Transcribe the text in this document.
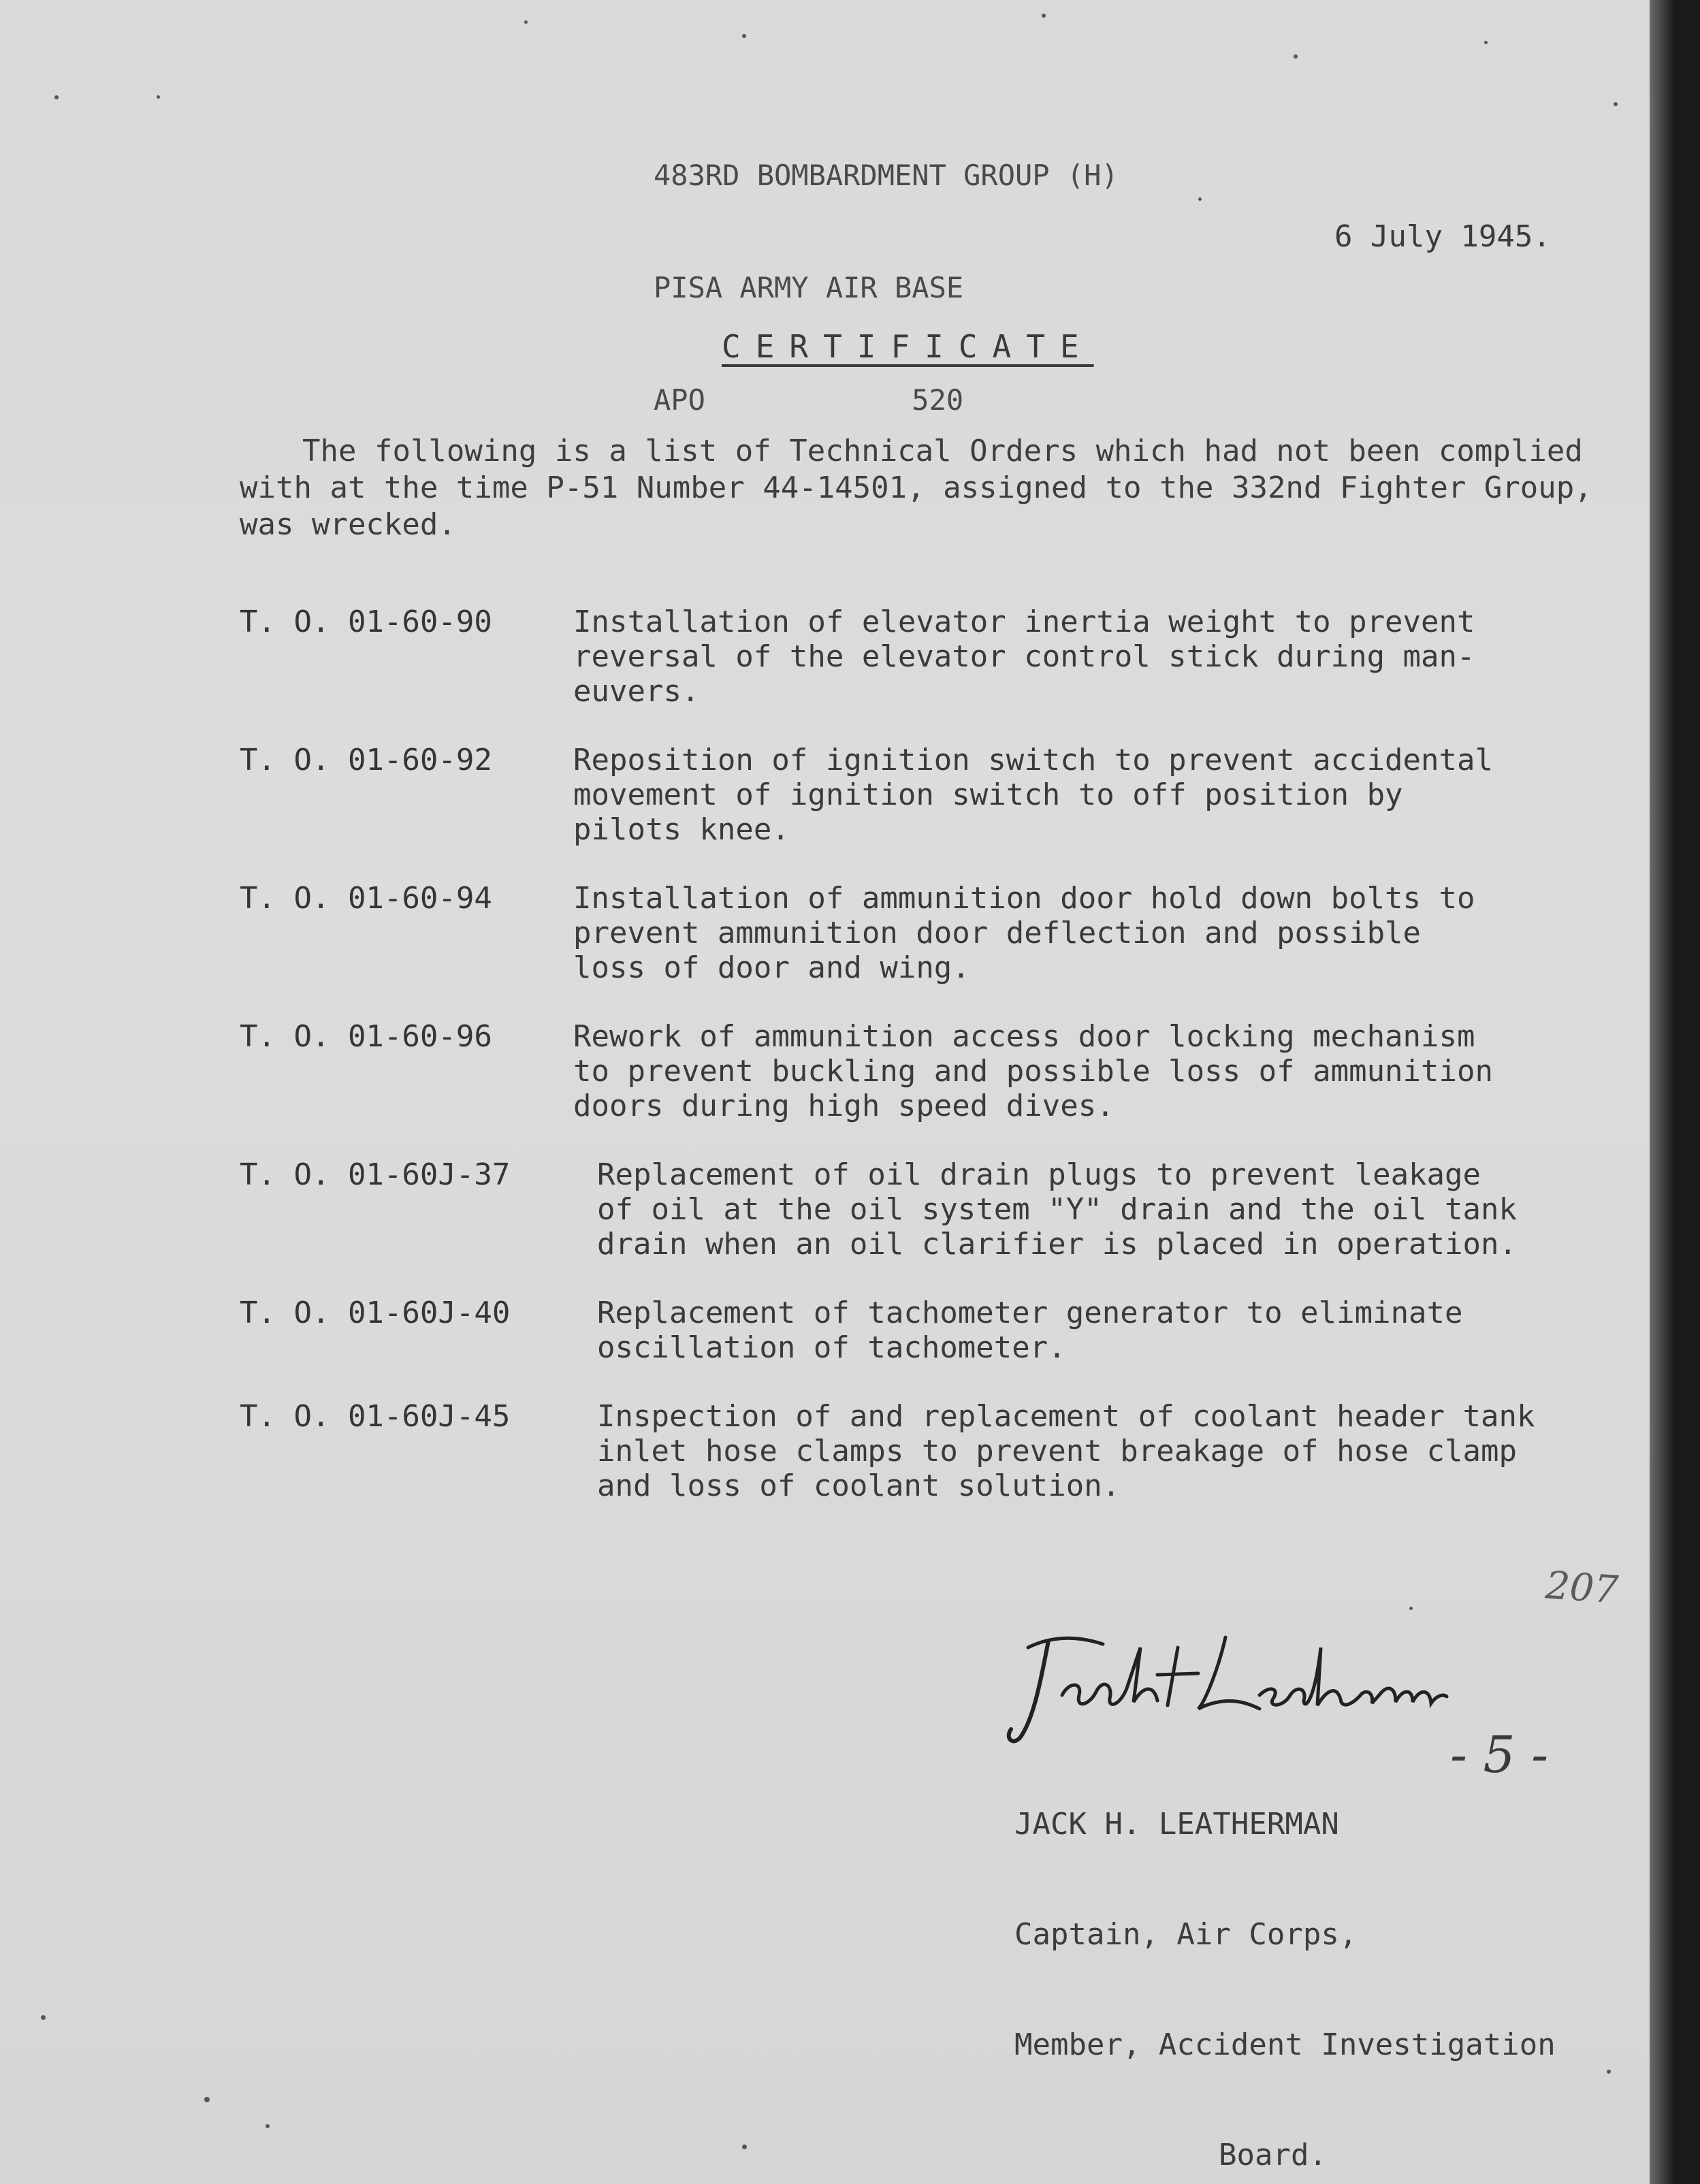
483RD BOMBARDMENT GROUP (H)

PISA ARMY AIR BASE

APO            520

6 July 1945.
CERTIFICATE
The following is a list of Technical Orders which had not been complied with at the time P-51 Number 44-14501, assigned to the 332nd Fighter Group, was wrecked.
T. O. 01-60-90	Installation of elevator inertia weight to prevent
reversal of the elevator control stick during man-
euvers.
T. O. 01-60-92	Reposition of ignition switch to prevent accidental
movement of ignition switch to off position by
pilots knee.
T. O. 01-60-94	Installation of ammunition door hold down bolts to
prevent ammunition door deflection and possible
loss of door and wing.
T. O. 01-60-96	Rework of ammunition access door locking mechanism
to prevent buckling and possible loss of ammunition
doors during high speed dives.
T. O. 01-60J-37	Replacement of oil drain plugs to prevent leakage
of oil at the oil system "Y" drain and the oil tank
drain when an oil clarifier is placed in operation.
T. O. 01-60J-40	Replacement of tachometer generator to eliminate
oscillation of tachometer.
T. O. 01-60J-45	Inspection of and replacement of coolant header tank
inlet hose clamps to prevent breakage of hose clamp
and loss of coolant solution.
207

JACK H. LEATHERMAN

Captain, Air Corps,

Member, Accident Investigation

Board.

- 5 -
